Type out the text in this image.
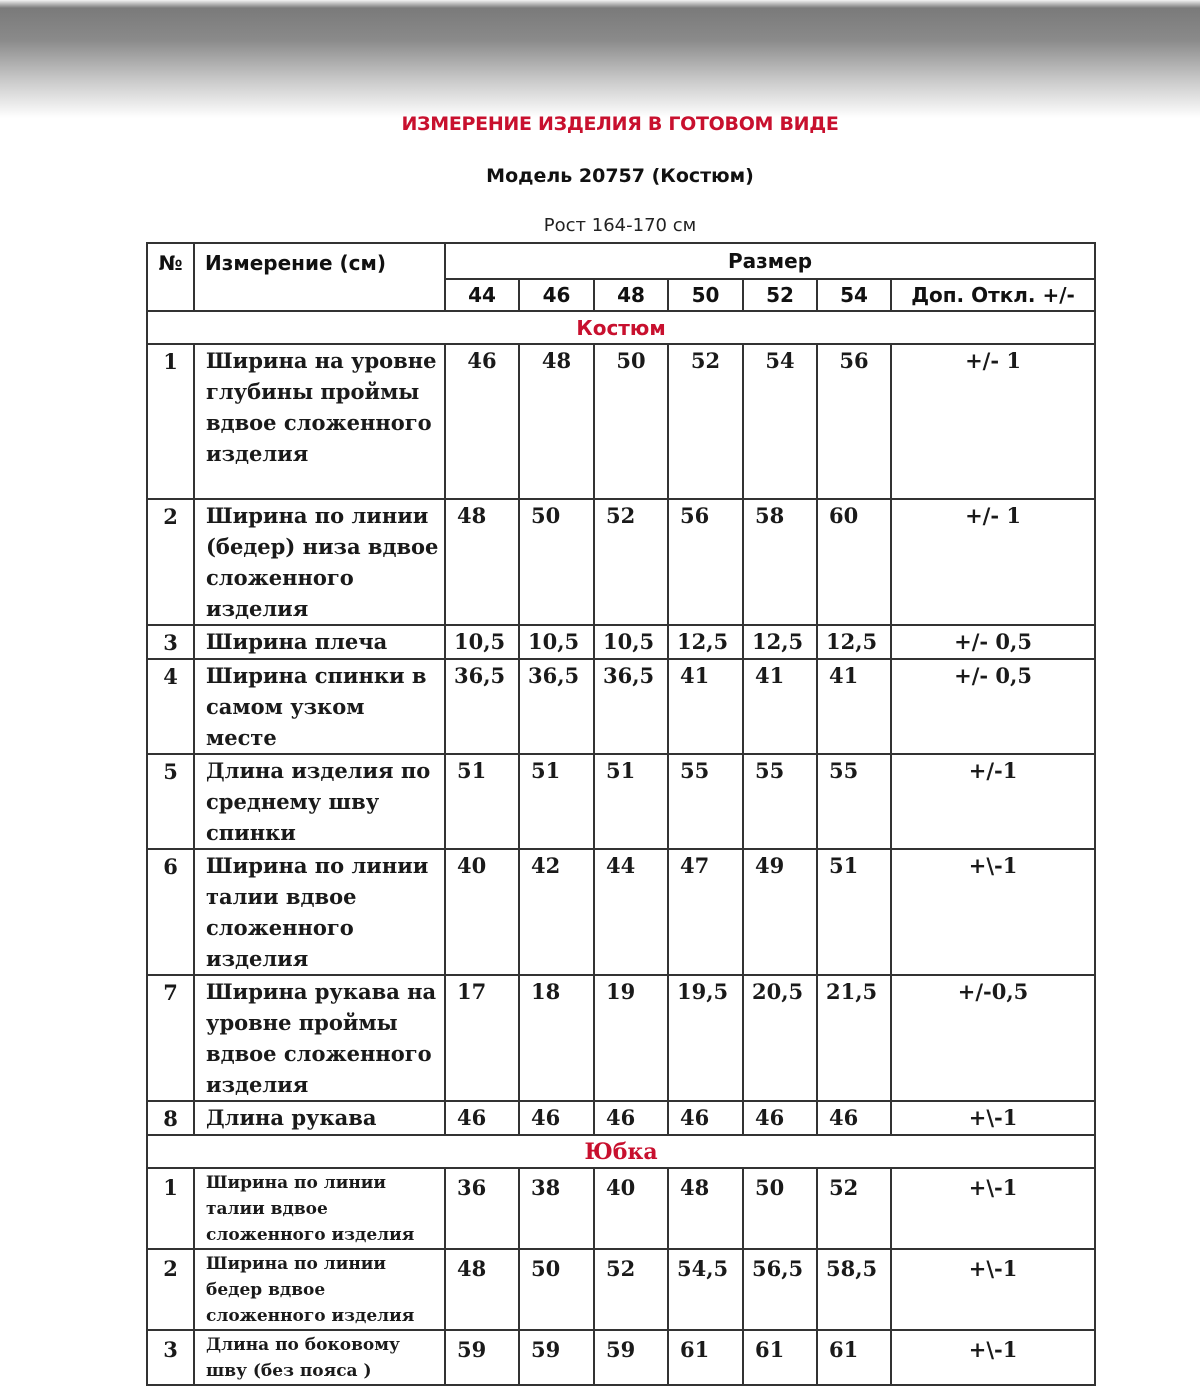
ИЗМЕРЕНИЕ ИЗДЕЛИЯ В ГОТОВОМ ВИДЕ
Модель 20757 (Костюм)
Рост 164-170 см
№	Измерение (см)	Размер						
		44	46	48	50	52	54	Доп. Откл. +/-
Костюм								
1	Ширина на уровне глубины проймы вдвое сложенного изделия	46	48	50	52	54	56	+/- 1
2	Ширина по линии (бедер) низа вдвое сложенного изделия	48	50	52	56	58	60	+/- 1
3	Ширина плеча	10,5	10,5	10,5	12,5	12,5	12,5	+/- 0,5
4	Ширина спинки в самом узком месте	36,5	36,5	36,5	41	41	41	+/- 0,5
5	Длина изделия по среднему шву спинки	51	51	51	55	55	55	+/-1
6	Ширина по линии талии вдвое сложенного изделия	40	42	44	47	49	51	+\-1
7	Ширина рукава на уровне проймы вдвое сложенного изделия	17	18	19	19,5	20,5	21,5	+/-0,5
8	Длина рукава	46	46	46	46	46	46	+\-1
Юбка								
1	Ширина по линии талии вдвое сложенного изделия	36	38	40	48	50	52	+\-1
2	Ширина по линии бедер вдвое сложенного изделия	48	50	52	54,5	56,5	58,5	+\-1
3	Длина по боковому шву (без пояса )	59	59	59	61	61	61	+\-1
